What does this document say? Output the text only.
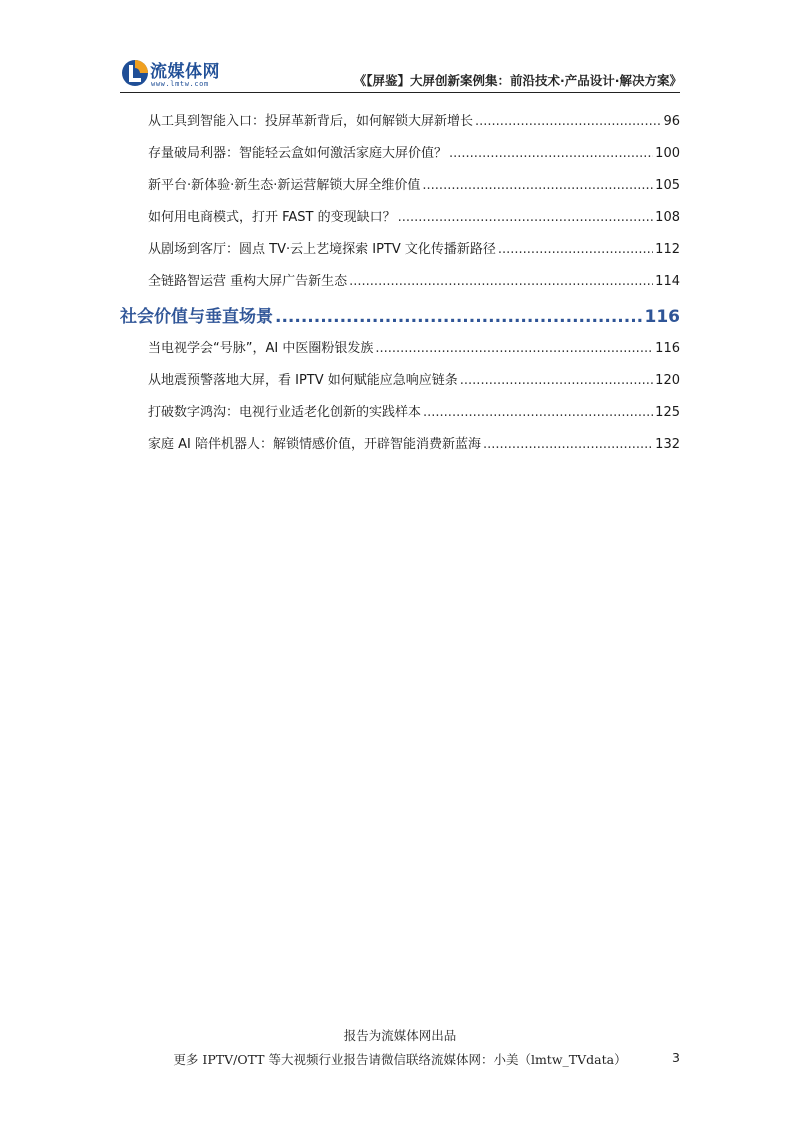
流媒体网
www.lmtw.com	《【屏鉴】大屏创新案例集：前沿技术·产品设计·解决方案》
从工具到智能入口：投屏革新背后，如何解锁大屏新增长 .....	96
存量破局利器：智能轻云盒如何激活家庭大屏价值？ .....	100
新平台·新体验·新生态·新运营解锁大屏全维价值 .....	105
如何用电商模式，打开 FAST 的变现缺口？ .....	108
从剧场到客厅：圆点 TV·云上艺境探索 IPTV 文化传播新路径 .....	112
全链路智运营 重构大屏广告新生态 .....	114
社会价值与垂直场景 .....	116
当电视学会“号脉”，AI 中医圈粉银发族 .....	116
从地震预警落地大屏，看 IPTV 如何赋能应急响应链条 .....	120
打破数字鸿沟：电视行业适老化创新的实践样本 .....	125
家庭 AI 陪伴机器人：解锁情感价值，开辟智能消费新蓝海 .....	132
报告为流媒体网出品
更多 IPTV/OTT 等大视频行业报告请微信联络流媒体网：小美（lmtw_TVdata）	3
